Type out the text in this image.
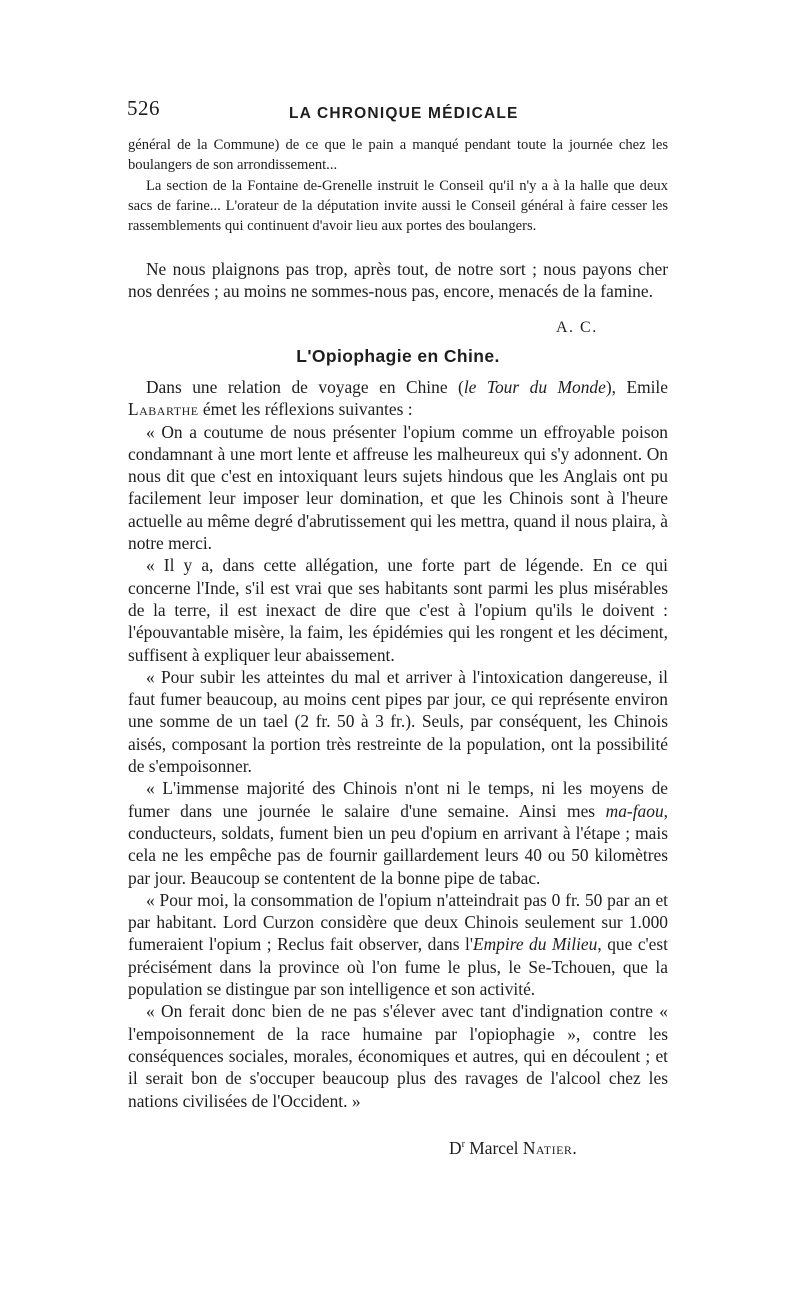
526	LA CHRONIQUE MÉDICALE

général de la Commune) de ce que le pain a manqué pendant toute la journée chez les boulangers de son arrondissement...

La section de la Fontaine de-Grenelle instruit le Conseil qu'il n'y a à la halle que deux sacs de farine... L'orateur de la députation invite aussi le Conseil général à faire cesser les rassemblements qui continuent d'avoir lieu aux portes des boulangers.

Ne nous plaignons pas trop, après tout, de notre sort ; nous payons cher nos denrées ; au moins ne sommes-nous pas, encore, menacés de la famine.

A. C.
L'Opiophagie en Chine.

Dans une relation de voyage en Chine (le Tour du Monde), Emile Labarthe émet les réflexions suivantes :

« On a coutume de nous présenter l'opium comme un effroyable poison condamnant à une mort lente et affreuse les malheureux qui s'y adonnent. On nous dit que c'est en intoxiquant leurs sujets hindous que les Anglais ont pu facilement leur imposer leur domination, et que les Chinois sont à l'heure actuelle au même degré d'abrutissement qui les mettra, quand il nous plaira, à notre merci.

« Il y a, dans cette allégation, une forte part de légende. En ce qui concerne l'Inde, s'il est vrai que ses habitants sont parmi les plus misérables de la terre, il est inexact de dire que c'est à l'opium qu'ils le doivent : l'épouvantable misère, la faim, les épidémies qui les rongent et les déciment, suffisent à expliquer leur abaissement.

« Pour subir les atteintes du mal et arriver à l'intoxication dangereuse, il faut fumer beaucoup, au moins cent pipes par jour, ce qui représente environ une somme de un tael (2 fr. 50 à 3 fr.). Seuls, par conséquent, les Chinois aisés, composant la portion très restreinte de la population, ont la possibilité de s'empoisonner.

« L'immense majorité des Chinois n'ont ni le temps, ni les moyens de fumer dans une journée le salaire d'une semaine. Ainsi mes ma-faou, conducteurs, soldats, fument bien un peu d'opium en arrivant à l'étape ; mais cela ne les empêche pas de fournir gaillardement leurs 40 ou 50 kilomètres par jour. Beaucoup se contentent de la bonne pipe de tabac.

« Pour moi, la consommation de l'opium n'atteindrait pas 0 fr. 50 par an et par habitant. Lord Curzon considère que deux Chinois seulement sur 1.000 fumeraient l'opium ; Reclus fait observer, dans l'Empire du Milieu, que c'est précisément dans la province où l'on fume le plus, le Se-Tchouen, que la population se distingue par son intelligence et son activité.

« On ferait donc bien de ne pas s'élever avec tant d'indignation contre « l'empoisonnement de la race humaine par l'opiophagie », contre les conséquences sociales, morales, économiques et autres, qui en découlent ; et il serait bon de s'occuper beaucoup plus des ravages de l'alcool chez les nations civilisées de l'Occident. »

$D^r$ Marcel Natier.
